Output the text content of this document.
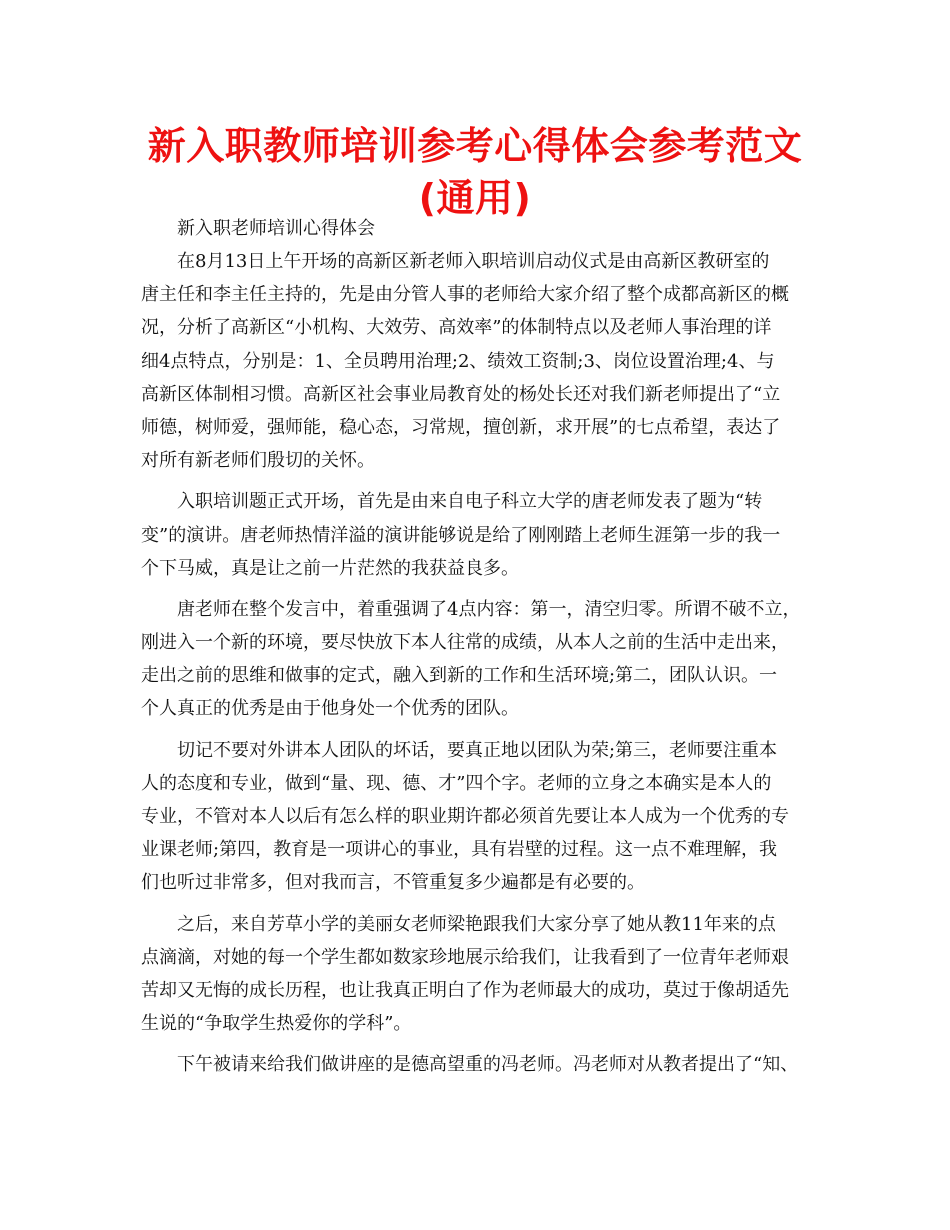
新入职教师培训参考心得体会参考范文
(通用)

新入职老师培训心得体会

在8月13日上午开场的高新区新老师入职培训启动仪式是由高新区教研室的
唐主任和李主任主持的，先是由分管人事的老师给大家介绍了整个成都高新区的概
况，分析了高新区“小机构、大效劳、高效率”的体制特点以及老师人事治理的详
细4点特点，分别是：1、全员聘用治理;2、绩效工资制;3、岗位设置治理;4、与
高新区体制相习惯。高新区社会事业局教育处的杨处长还对我们新老师提出了“立
师德，树师爱，强师能，稳心态，习常规，擅创新，求开展”的七点希望，表达了
对所有新老师们殷切的关怀。
入职培训题正式开场，首先是由来自电子科立大学的唐老师发表了题为“转
变”的演讲。唐老师热情洋溢的演讲能够说是给了刚刚踏上老师生涯第一步的我一
个下马威，真是让之前一片茫然的我获益良多。
唐老师在整个发言中，着重强调了4点内容：第一，清空归零。所谓不破不立，
刚进入一个新的环境，要尽快放下本人往常的成绩，从本人之前的生活中走出来，
走出之前的思维和做事的定式，融入到新的工作和生活环境;第二，团队认识。一
个人真正的优秀是由于他身处一个优秀的团队。
切记不要对外讲本人团队的坏话，要真正地以团队为荣;第三，老师要注重本
人的态度和专业，做到“量、现、德、才”四个字。老师的立身之本确实是本人的
专业，不管对本人以后有怎么样的职业期许都必须首先要让本人成为一个优秀的专
业课老师;第四，教育是一项讲心的事业，具有岩壁的过程。这一点不难理解，我
们也听过非常多，但对我而言，不管重复多少遍都是有必要的。
之后，来自芳草小学的美丽女老师梁艳跟我们大家分享了她从教11年来的点
点滴滴，对她的每一个学生都如数家珍地展示给我们，让我看到了一位青年老师艰
苦却又无悔的成长历程，也让我真正明白了作为老师最大的成功，莫过于像胡适先
生说的“争取学生热爱你的学科”。
下午被请来给我们做讲座的是德高望重的冯老师。冯老师对从教者提出了“知、
